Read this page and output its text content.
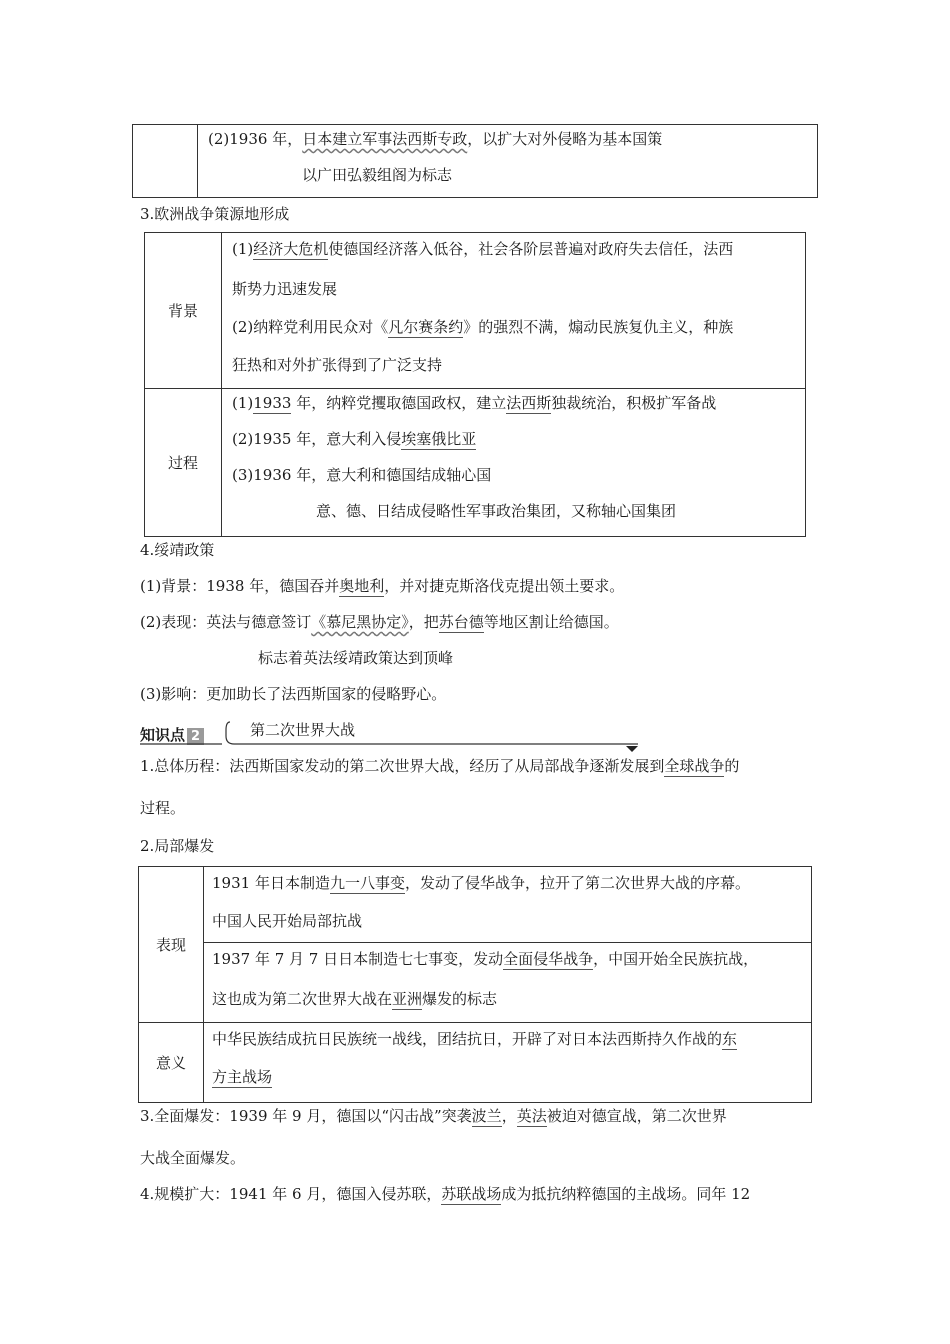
(2)1936 年，日本建立军事法西斯专政，以扩大对外侵略为基本国策
以广田弘毅组阁为标志
3.欧洲战争策源地形成
背景	(1)经济大危机使德国经济落入低谷，社会各阶层普遍对政府失去信任，法西
斯势力迅速发展
(2)纳粹党利用民众对《凡尔赛条约》的强烈不满，煽动民族复仇主义，种族
狂热和对外扩张得到了广泛支持

过程	(1)1933 年，纳粹党攫取德国政权，建立法西斯独裁统治，积极扩军备战
(2)1935 年，意大利入侵埃塞俄比亚
(3)1936 年，意大利和德国结成轴心国
意、德、日结成侵略性军事政治集团，又称轴心国集团
4.绥靖政策
(1)背景：1938 年，德国吞并奥地利，并对捷克斯洛伐克提出领土要求。
(2)表现：英法与德意签订《慕尼黑协定》，把苏台德等地区割让给德国。
标志着英法绥靖政策达到顶峰
(3)影响：更加助长了法西斯国家的侵略野心。
知识点 2	第二次世界大战
1.总体历程：法西斯国家发动的第二次世界大战，经历了从局部战争逐渐发展到全球战争的
过程。
2.局部爆发
表现	1931 年日本制造九一八事变，发动了侵华战争，拉开了第二次世界大战的序幕。
中国人民开始局部抗战

	1937 年 7 月 7 日日本制造七七事变，发动全面侵华战争，中国开始全民族抗战，
这也成为第二次世界大战在亚洲爆发的标志

意义	中华民族结成抗日民族统一战线，团结抗日，开辟了对日本法西斯持久作战的东
方主战场
3.全面爆发：1939 年 9 月，德国以“闪击战”突袭波兰，英法被迫对德宣战，第二次世界
大战全面爆发。
4.规模扩大：1941 年 6 月，德国入侵苏联，苏联战场成为抵抗纳粹德国的主战场。同年 12
